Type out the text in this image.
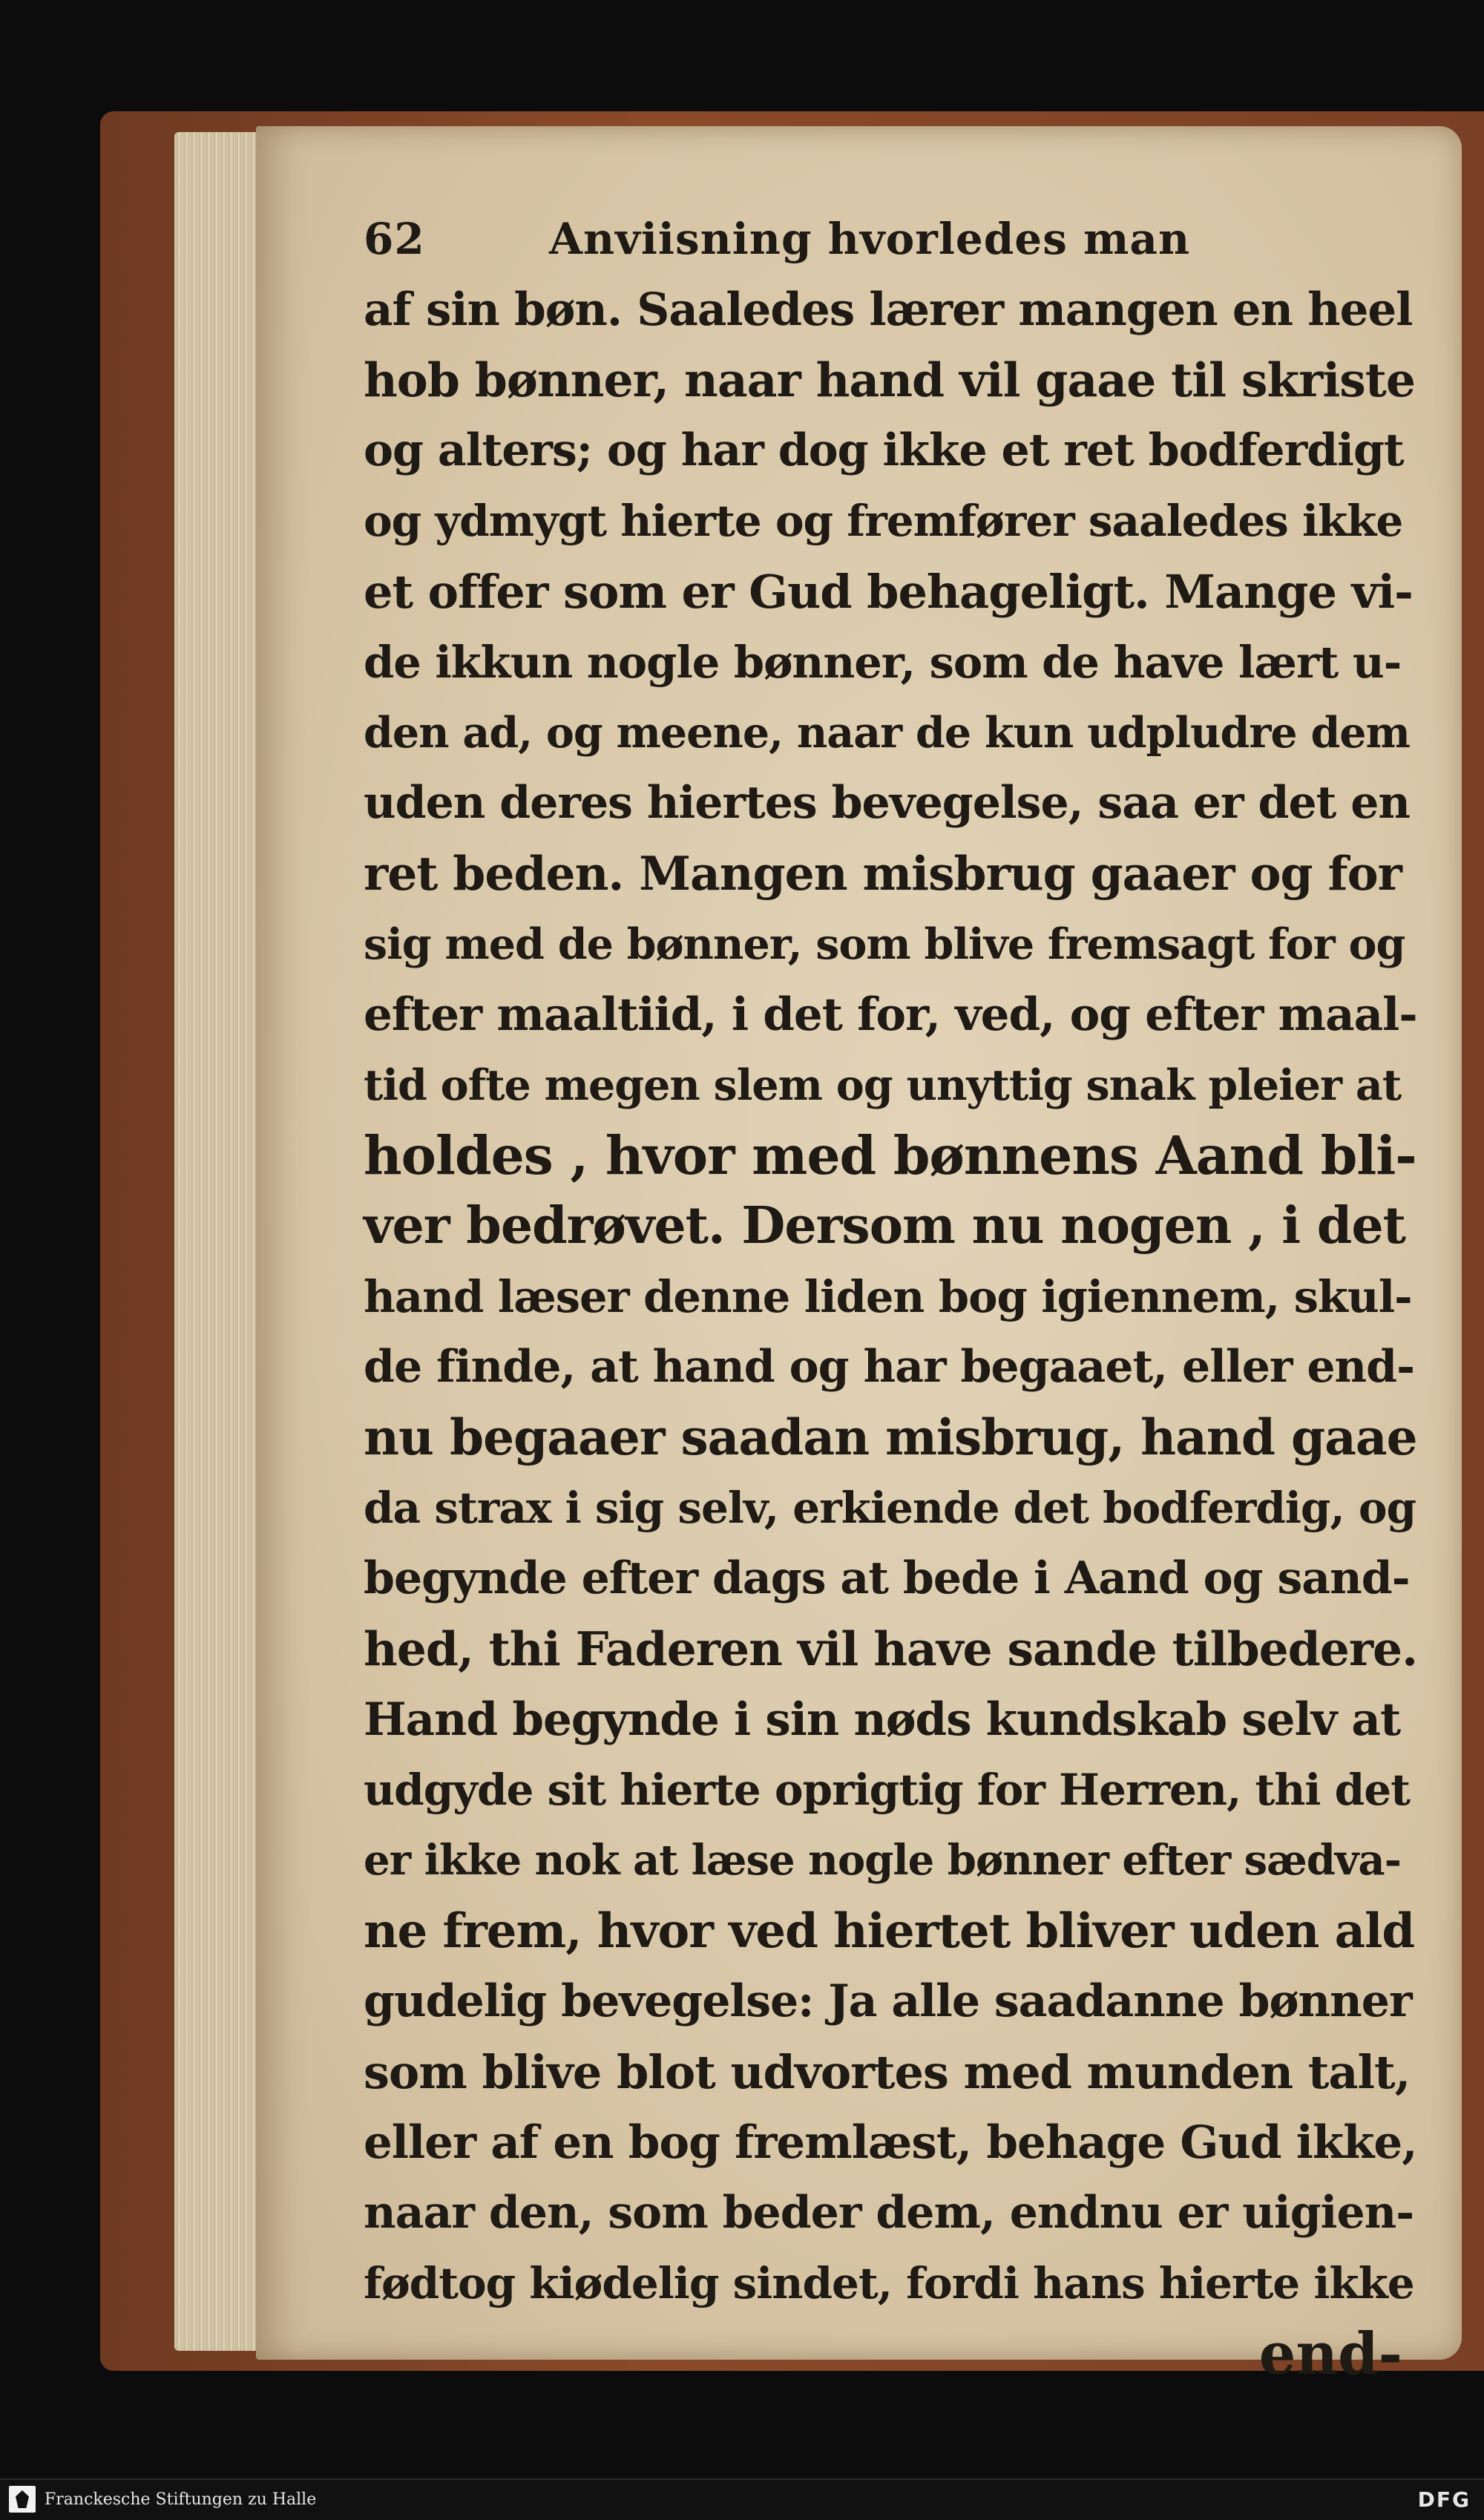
62	Anviisning hvorledes man
af sin bøn. Saaledes lærer mangen en heel
hob bønner, naar hand vil gaae til skriste
og alters; og har dog ikke et ret bodferdigt
og ydmygt hierte og fremfører saaledes ikke
et offer som er Gud behageligt. Mange vi-
de ikkun nogle bønner, som de have lært u-
den ad, og meene, naar de kun udpludre dem
uden deres hiertes bevegelse, saa er det en
ret beden. Mangen misbrug gaaer og for
sig med de bønner, som blive fremsagt for og
efter maaltiid, i det for, ved, og efter maal-
tid ofte megen slem og unyttig snak pleier at
holdes , hvor med bønnens Aand bli-
ver bedrøvet. Dersom nu nogen , i det
hand læser denne liden bog igiennem, skul-
de finde, at hand og har begaaet, eller end-
nu begaaer saadan misbrug, hand gaae
da strax i sig selv, erkiende det bodferdig, og
begynde efter dags at bede i Aand og sand-
hed, thi Faderen vil have sande tilbedere.
Hand begynde i sin nøds kundskab selv at
udgyde sit hierte oprigtig for Herren, thi det
er ikke nok at læse nogle bønner efter sædva-
ne frem, hvor ved hiertet bliver uden ald
gudelig bevegelse: Ja alle saadanne bønner
som blive blot udvortes med munden talt,
eller af en bog fremlæst, behage Gud ikke,
naar den, som beder dem, endnu er uigien-
fødtog kiødelig sindet, fordi hans hierte ikke
end-
Franckesche Stiftungen zu Halle	DFG
